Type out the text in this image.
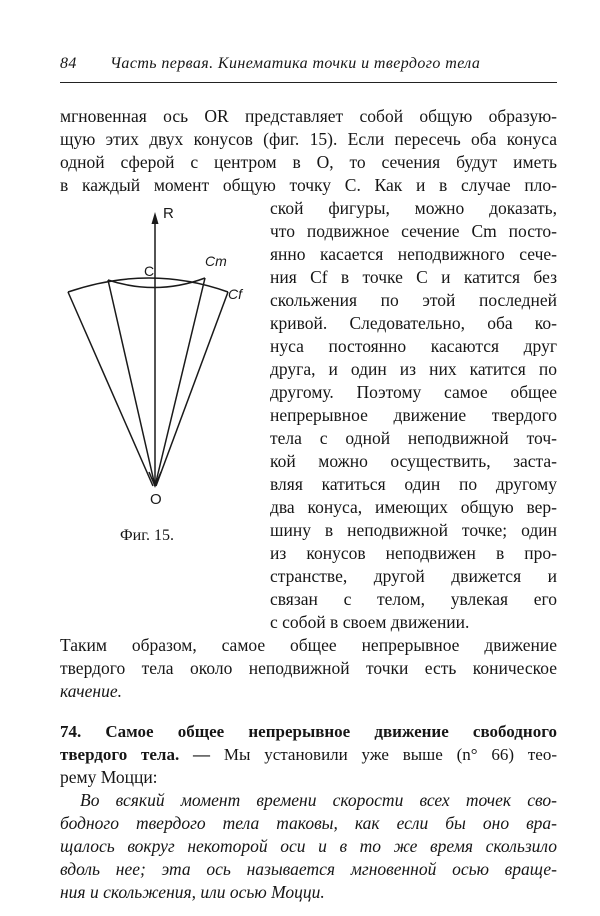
84 Часть первая. Кинематика точки и твердого тела
мгновенная ось OR представляет собой общую образую-
щую этих двух конусов (фиг. 15). Если пересечь оба конуса
одной сферой с центром в O, то сечения будут иметь
в каждый момент общую точку C. Как и в случае пло-
ской фигуры, можно доказать,
что подвижное сечение Cm посто-
янно касается неподвижного сече-
ния Cf в точке C и катится без
скольжения по этой последней
кривой. Следовательно, оба ко-
нуса постоянно касаются друг
друга, и один из них катится по
другому. Поэтому самое общее
непрерывное движение твердого
тела с одной неподвижной точ-
кой можно осуществить, заста-
вляя катиться один по другому
два конуса, имеющих общую вер-
шину в неподвижной точке; один
из конусов неподвижен в про-
странстве, другой движется и
связан с телом, увлекая его
с собой в своем движении.
R
C
Cm
Cf
O
Фиг. 15.
Таким образом, самое общее непрерывное движение
твердого тела около неподвижной точки есть коническое
качение.
74. Самое общее непрерывное движение свободного
твердого тела. — Мы установили уже выше (n° 66) тео-
рему Моцци:
Во всякий момент времени скорости всех точек сво-
бодного твердого тела таковы, как если бы оно вра-
щалось вокруг некоторой оси и в то же время скользило
вдоль нее; эта ось называется мгновенной осью враще-
ния и скольжения, или осью Моцци.
